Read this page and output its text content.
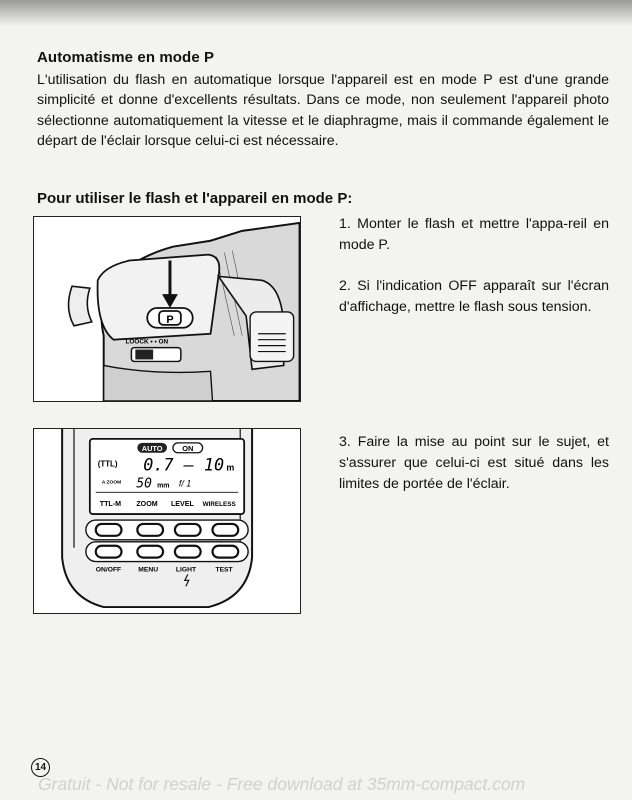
Automatisme en mode P

L'utilisation du flash en automatique lorsque l'appareil est en mode P est d'une grande simplicité et donne d'excellents résultats. Dans ce mode, non seulement l'appareil photo sélectionne automatiquement la vitesse et le diaphragme, mais il commande également le départ de l'éclair lorsque celui-ci est nécessaire.

Pour utiliser le flash et l'appareil en mode P:
P
LOOCK • • ON

1. Monter le flash et mettre l'appa-reil en mode P.

2. Si l'indication OFF apparaît sur l'écran d'affichage, mettre le flash sous tension.

AUTO	ON
(TTL) 0.7 – 10 m
A ZOOM 50 mm f/ 1
TTL-M ZOOM LEVEL WIRELESS
ON/OFF	MENU	LIGHT	TEST

3. Faire la mise au point sur le sujet, et s'assurer que celui-ci est situé dans les limites de portée de l'éclair.

14

Gratuit - Not for resale - Free download at 35mm-compact.com
